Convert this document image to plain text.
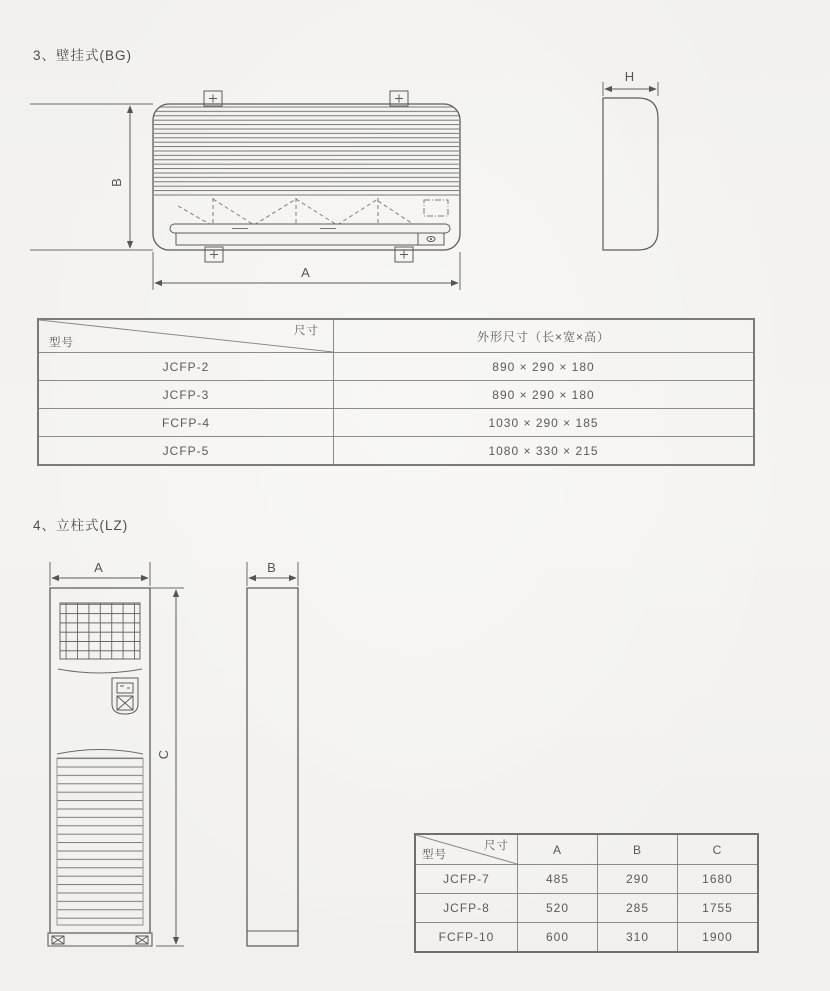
3、壁挂式(BG)
B
A
H
尺寸
型号	外形尺寸（长×宽×高）
JCFP-2	890 × 290 × 180
JCFP-3	890 × 290 × 180
FCFP-4	1030 × 290 × 185
JCFP-5	1080 × 330 × 215
4、立柱式(LZ)
A	B
C
尺寸
型号	A	B	C
JCFP-7	485	290	1680
JCFP-8	520	285	1755
FCFP-10	600	310	1900
